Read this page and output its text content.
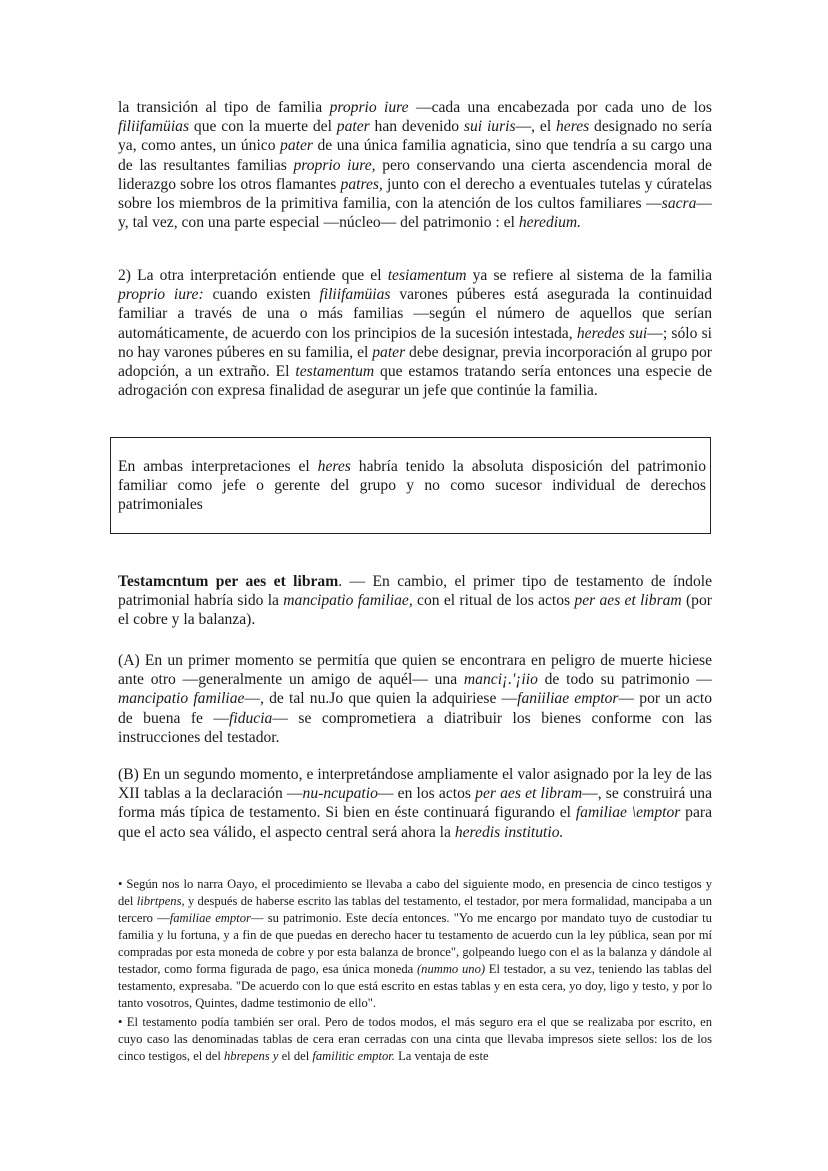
la transición al tipo de familia proprio iure —cada una encabezada por cada uno de los filiifamüias que con la muerte del pater han devenido sui iuris—, el heres designado no sería ya, como antes, un único pater de una única familia agnaticia, sino que tendría a su cargo una de las resultantes familias proprio iure, pero conservando una cierta ascendencia moral de liderazgo sobre los otros flamantes patres, junto con el derecho a eventuales tutelas y cúratelas sobre los miembros de la primitiva familia, con la atención de los cultos familiares —sacra— y, tal vez, con una parte especial —núcleo— del patrimonio : el heredium.

2) La otra interpretación entiende que el tesiamentum ya se refiere al sistema de la familia proprio iure: cuando existen filiifamüias varones púberes está asegurada la continuidad familiar a través de una o más familias —según el número de aquellos que serían automáticamente, de acuerdo con los principios de la sucesión intestada, heredes sui—; sólo si no hay varones púberes en su familia, el pater debe designar, previa incorporación al grupo por adopción, a un extraño. El testamentum que estamos tratando sería entonces una especie de adrogación con expresa finalidad de asegurar un jefe que continúe la familia.

En ambas interpretaciones el heres habría tenido la absoluta disposición del patrimonio familiar como jefe o gerente del grupo y no como sucesor individual de derechos patrimoniales

Testamcntum per aes et libram. — En cambio, el primer tipo de testamento de índole patrimonial habría sido la mancipatio familiae, con el ritual de los actos per aes et libram (por el cobre y la balanza).

(A) En un primer momento se permitía que quien se encontrara en peligro de muerte hiciese ante otro —generalmente un amigo de aquél— una manci¡.'¡iio de todo su patrimonio —mancipatio familiae—, de tal nu.Jo que quien la adquiriese —faniiliae emptor— por un acto de buena fe —fiducia— se comprometiera a diatribuir los bienes conforme con las instrucciones del testador.

(B) En un segundo momento, e interpretándose ampliamente el valor asignado por la ley de las XII tablas a la declaración —nu-ncupatio— en los actos per aes et libram—, se construirá una forma más típica de testamento. Si bien en éste continuará figurando el familiae \emptor para que el acto sea válido, el aspecto central será ahora la heredis institutio.

• Según nos lo narra Oayo, el procedimiento se llevaba a cabo del siguiente modo, en presencia de cinco testigos y del librtpens, y después de haberse escrito las tablas del testamento, el testador, por mera formalidad, mancipaba a un tercero —familiae emptor— su patrimonio. Este decía entonces. "Yo me encargo por mandato tuyo de custodiar tu familia y lu fortuna, y a fin de que puedas en derecho hacer tu testamento de acuerdo cun la ley pública, sean por mí compradas por esta moneda de cobre y por esta balanza de bronce", golpeando luego con el as la balanza y dándole al testador, como forma figurada de pago, esa única moneda (nummo uno) El testador, a su vez, teniendo las tablas del testamento, expresaba. "De acuerdo con lo que está escrito en estas tablas y en esta cera, yo doy, ligo y testo, y por lo tanto vosotros, Quintes, dadme testimonio de ello".

• El testamento podía también ser oral. Pero de todos modos, el más seguro era el que se realizaba por escrito, en cuyo caso las denominadas tablas de cera eran cerradas con una cinta que llevaba impresos siete sellos: los de los cinco testigos, el del hbrepens y el del familitic emptor. La ventaja de este
